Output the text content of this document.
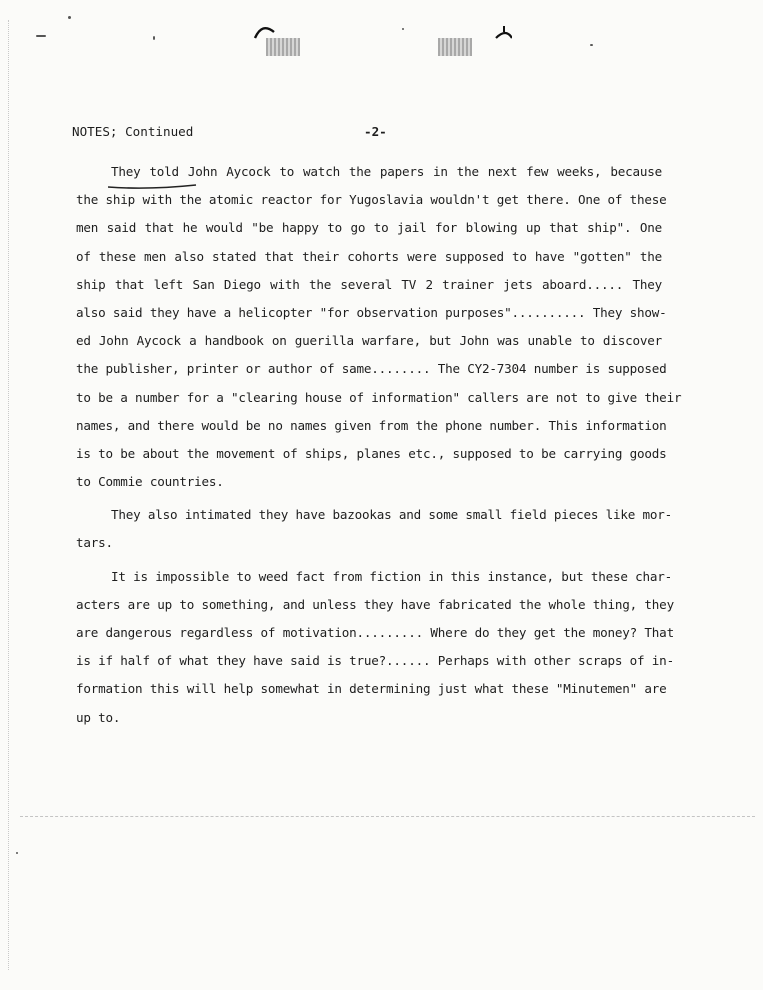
NOTES; Continued	-2-
They told John Aycock to watch the papers in the next few weeks, because
the ship with the atomic reactor for Yugoslavia wouldn't get there. One of these
men said that he would "be happy to go to jail for blowing up that ship". One
of these men also stated that their cohorts were supposed to have "gotten" the
ship that left San Diego with the several TV 2 trainer jets aboard..... They
also said they have a helicopter "for observation purposes".......... They show-
ed John Aycock a handbook on guerilla warfare, but John was unable to discover
the publisher, printer or author of same........ The CY2-7304 number is supposed
to be a number for a "clearing house of information" callers are not to give their
names, and there would be no names given from the phone number. This information
is to be about the movement of ships, planes etc., supposed to be carrying goods
to Commie countries.
They also intimated they have bazookas and some small field pieces like mor-
tars.
It is impossible to weed fact from fiction in this instance, but these char-
acters are up to something, and unless they have fabricated the whole thing, they
are dangerous regardless of motivation......... Where do they get the money? That
is if half of what they have said is true?...... Perhaps with other scraps of in-
formation this will help somewhat in determining just what these "Minutemen" are
up to.
